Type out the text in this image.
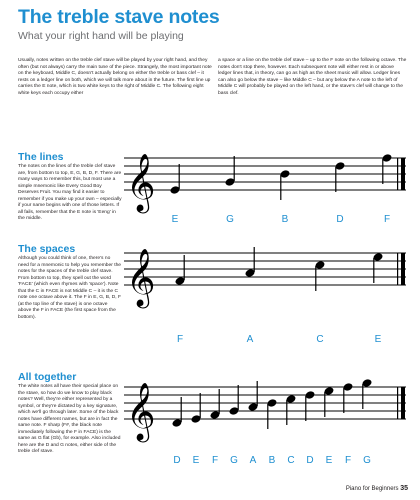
The treble stave notes
What your right hand will be playing
Usually, notes written on the treble clef stave will be played by your right hand, and they often (but not always) carry the main tune of the piece. Strangely, the most important note on the keyboard, Middle C, doesn't actually belong on either the treble or bass clef – it rests on a ledger line on both, which we will talk more about in the future. The first line up carries the E note, which is two white keys to the right of Middle C. The following eight white keys each occupy either
a space or a line on the treble clef stave – up to the F note on the following octave. The notes don't stop there, however. Each subsequent note will either rest in or above ledger lines that, in theory, can go as high as the sheet music will allow. Ledger lines can also go below the stave – like Middle C – but any below the A note to the left of Middle C will probably be played on the left hand, or the stave's clef will change to the bass clef.
The lines
The notes on the lines of the treble clef stave are, from bottom to top, E, G, B, D, F. There are many ways to remember this, but most use a simple mnemonic like Every Good Boy Deserves Fruit. You may find it easier to remember if you make up your own – especially if your name begins with one of those letters. If all fails, remember that the E note is 'Eeng' in the middle.
𝄞
E	G	B	D	F
The spaces
Although you could think of one, there's no need for a mnemonic to help you remember the notes for the spaces of the treble clef stave. From bottom to top, they spell out the word 'FACE' (which even rhymes with 'space'). Note that the C in FACE is not Middle C – it is the C note one octave above it. The F in E, G, B, D, F (at the top line of the stave) is one octave above the F in FACE (the first space from the bottom).
𝄞
F	A	C	E
All together
The white notes all have their special place on the stave, so how do we know to play black notes? Well, they're either represented by a symbol, or they're dictated by a key signature, which we'll go through later. Some of the black notes have different names, but are in fact the same note. F sharp (F#, the black note immediately following the F in FACE) is the same as G flat (Gb), for example. Also included here are the D and G notes, either side of the treble clef stave.
𝄞
D E F G A B C D E F G
Piano for Beginners 35
